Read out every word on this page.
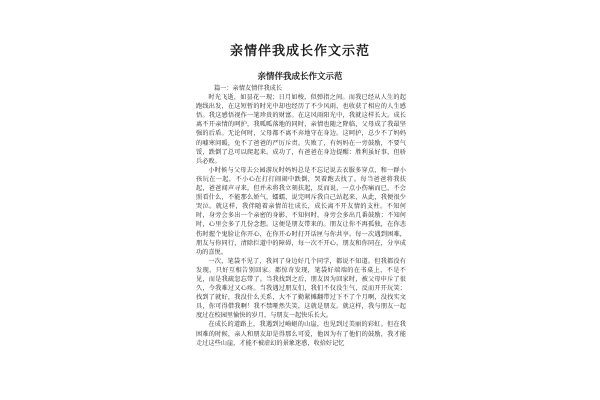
亲情伴我成长作文示范
亲情伴我成长作文示范

篇一：亲情友情伴我成长

时光飞逝，如昙花一现；日月如梭，似弹指之间。而我已经从人生的起跑线出发，在这短暂的时光中却也经历了不少风雨，也收获了相应的人生感悟。我这感悟视作一笔珍贵的财富。在这风雨阳光中，我就这样长大。成长离不开亲情的呵护，我呱呱落地的同时，亲情也随之降临，父母成了我最坚强的后盾。无论何时，父母都不离不弃地守在身边。这呵护，总少不了妈妈的嘘寒问暖，免不了爸爸的严厉斥责。失败了，有妈妈在一旁鼓励，不要气馁，跌倒了总可以爬起来。成功了，有爸爸在身边提醒：胜利虽好事，但骄兵必败。

小时候与父母去公园游玩时妈妈总是不忘记说去衣服多穿点，和一群小孩玩在一起，不小心在打打闹闹中跌倒，哭着跑去找了。每当爸爸将我扶起，爸爸闻声寻来，但并未将我立刻扶起，反而说，一点小伤痛而已，不会照看什么，不能那么娇气，蠕蠕，说完呵斥我自己站起来，从此，我便很少哭泣。就这样，我伴随着亲情茁壮成长，成长离不开友情的支柱。不知何时，身旁会多出一个亲密的身影，不知何时，身旁会多出几番鼓励；不知何时，心里会多了几份念想。这便是朋友带来的。朋友让你不再孤独，在你悲伤时握个鬼脸让你开心，在你开心时打开话匣与你共享。每一次遇到困难，朋友与你同行，清除拦道中的障碍，每一次不开心，朋友和你同在，分享成功的喜悦。

一次，笔袋不见了，我问了身边好几个同学，都说不知道。但我都没有发现，只好互相告别回家。都惊奇发现，笔袋好端端的在书桌上，不是不见，而是我疏忽忘带了。当我找到之后，朋友因为回家时，被父母申斥了很久，令我难过又心疼。当我遇过朋友们，我们不仅没生气，反而开开玩笑；找到了就好，我没什么关系，大不了勤紧摊翻带过下不了个月啊，没找实文具，你可得借我啊！我不禁哑然失笑，这就是朋友。就这样，我与朋友一起度过在校园里愉快的岁月，与朋友一起快乐长大。

在成长的道路上，我遇到过崎岖的山崖，也见到过美丽的彩虹。但在我困难的时候，亲人和朋友却是得那么可爱，他因为有了他们的鼓励，我才能走过这些山崖，才能不被虚幻的景象迷惑，收拾好记忆
